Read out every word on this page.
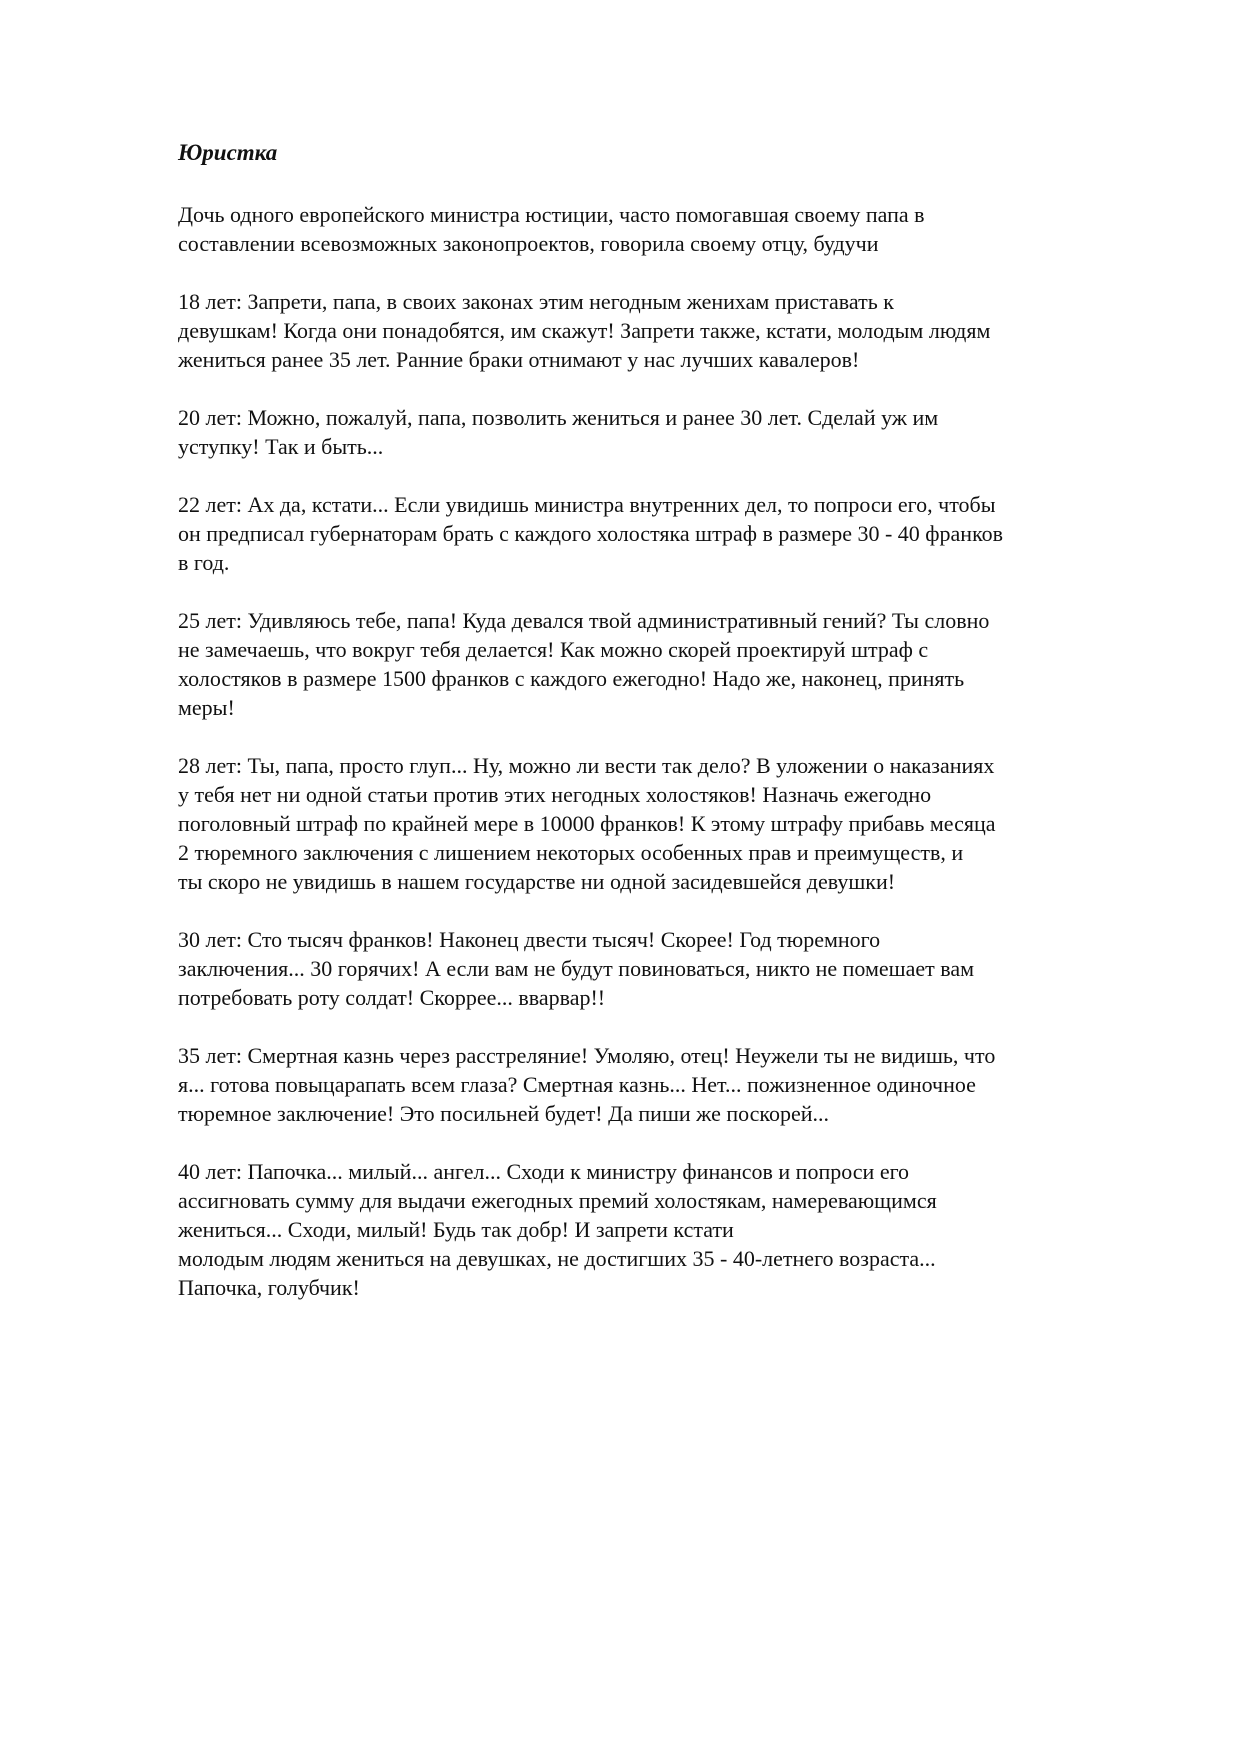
Юристка
Дочь одного европейского министра юстиции, часто помогавшая своему папа в
составлении всевозможных законопроектов, говорила своему отцу, будучи
18 лет: Запрети, папа, в своих законах этим негодным женихам приставать к
девушкам! Когда они понадобятся, им скажут! Запрети также, кстати, молодым людям
жениться ранее 35 лет. Ранние браки отнимают у нас лучших кавалеров!
20 лет: Можно, пожалуй, папа, позволить жениться и ранее 30 лет. Сделай уж им
уступку! Так и быть...
22 лет: Ах да, кстати... Если увидишь министра внутренних дел, то попроси его, чтобы
он предписал губернаторам брать с каждого холостяка штраф в размере 30 - 40 франков
в год.
25 лет: Удивляюсь тебе, папа! Куда девался твой административный гений? Ты словно
не замечаешь, что вокруг тебя делается! Как можно скорей проектируй штраф с
холостяков в размере 1500 франков с каждого ежегодно! Надо же, наконец, принять
меры!
28 лет: Ты, папа, просто глуп... Ну, можно ли вести так дело? В уложении о наказаниях
у тебя нет ни одной статьи против этих негодных холостяков! Назначь ежегодно
поголовный штраф по крайней мере в 10000 франков! К этому штрафу прибавь месяца
2 тюремного заключения с лишением некоторых особенных прав и преимуществ, и
ты скоро не увидишь в нашем государстве ни одной засидевшейся девушки!
30 лет: Сто тысяч франков! Наконец двести тысяч! Скорее! Год тюремного
заключения... 30 горячих! А если вам не будут повиноваться, никто не помешает вам
потребовать роту солдат! Скоррее... вварвар!!
35 лет: Смертная казнь через расстреляние! Умоляю, отец! Неужели ты не видишь, что
я... готова повыцарапать всем глаза? Смертная казнь... Нет... пожизненное одиночное
тюремное заключение! Это посильней будет! Да пиши же поскорей...
40 лет: Папочка... милый... ангел... Сходи к министру финансов и попроси его
ассигновать сумму для выдачи ежегодных премий холостякам, намеревающимся
жениться... Сходи, милый! Будь так добр! И запрети кстати
молодым людям жениться на девушках, не достигших 35 - 40-летнего возраста...
Папочка, голубчик!
